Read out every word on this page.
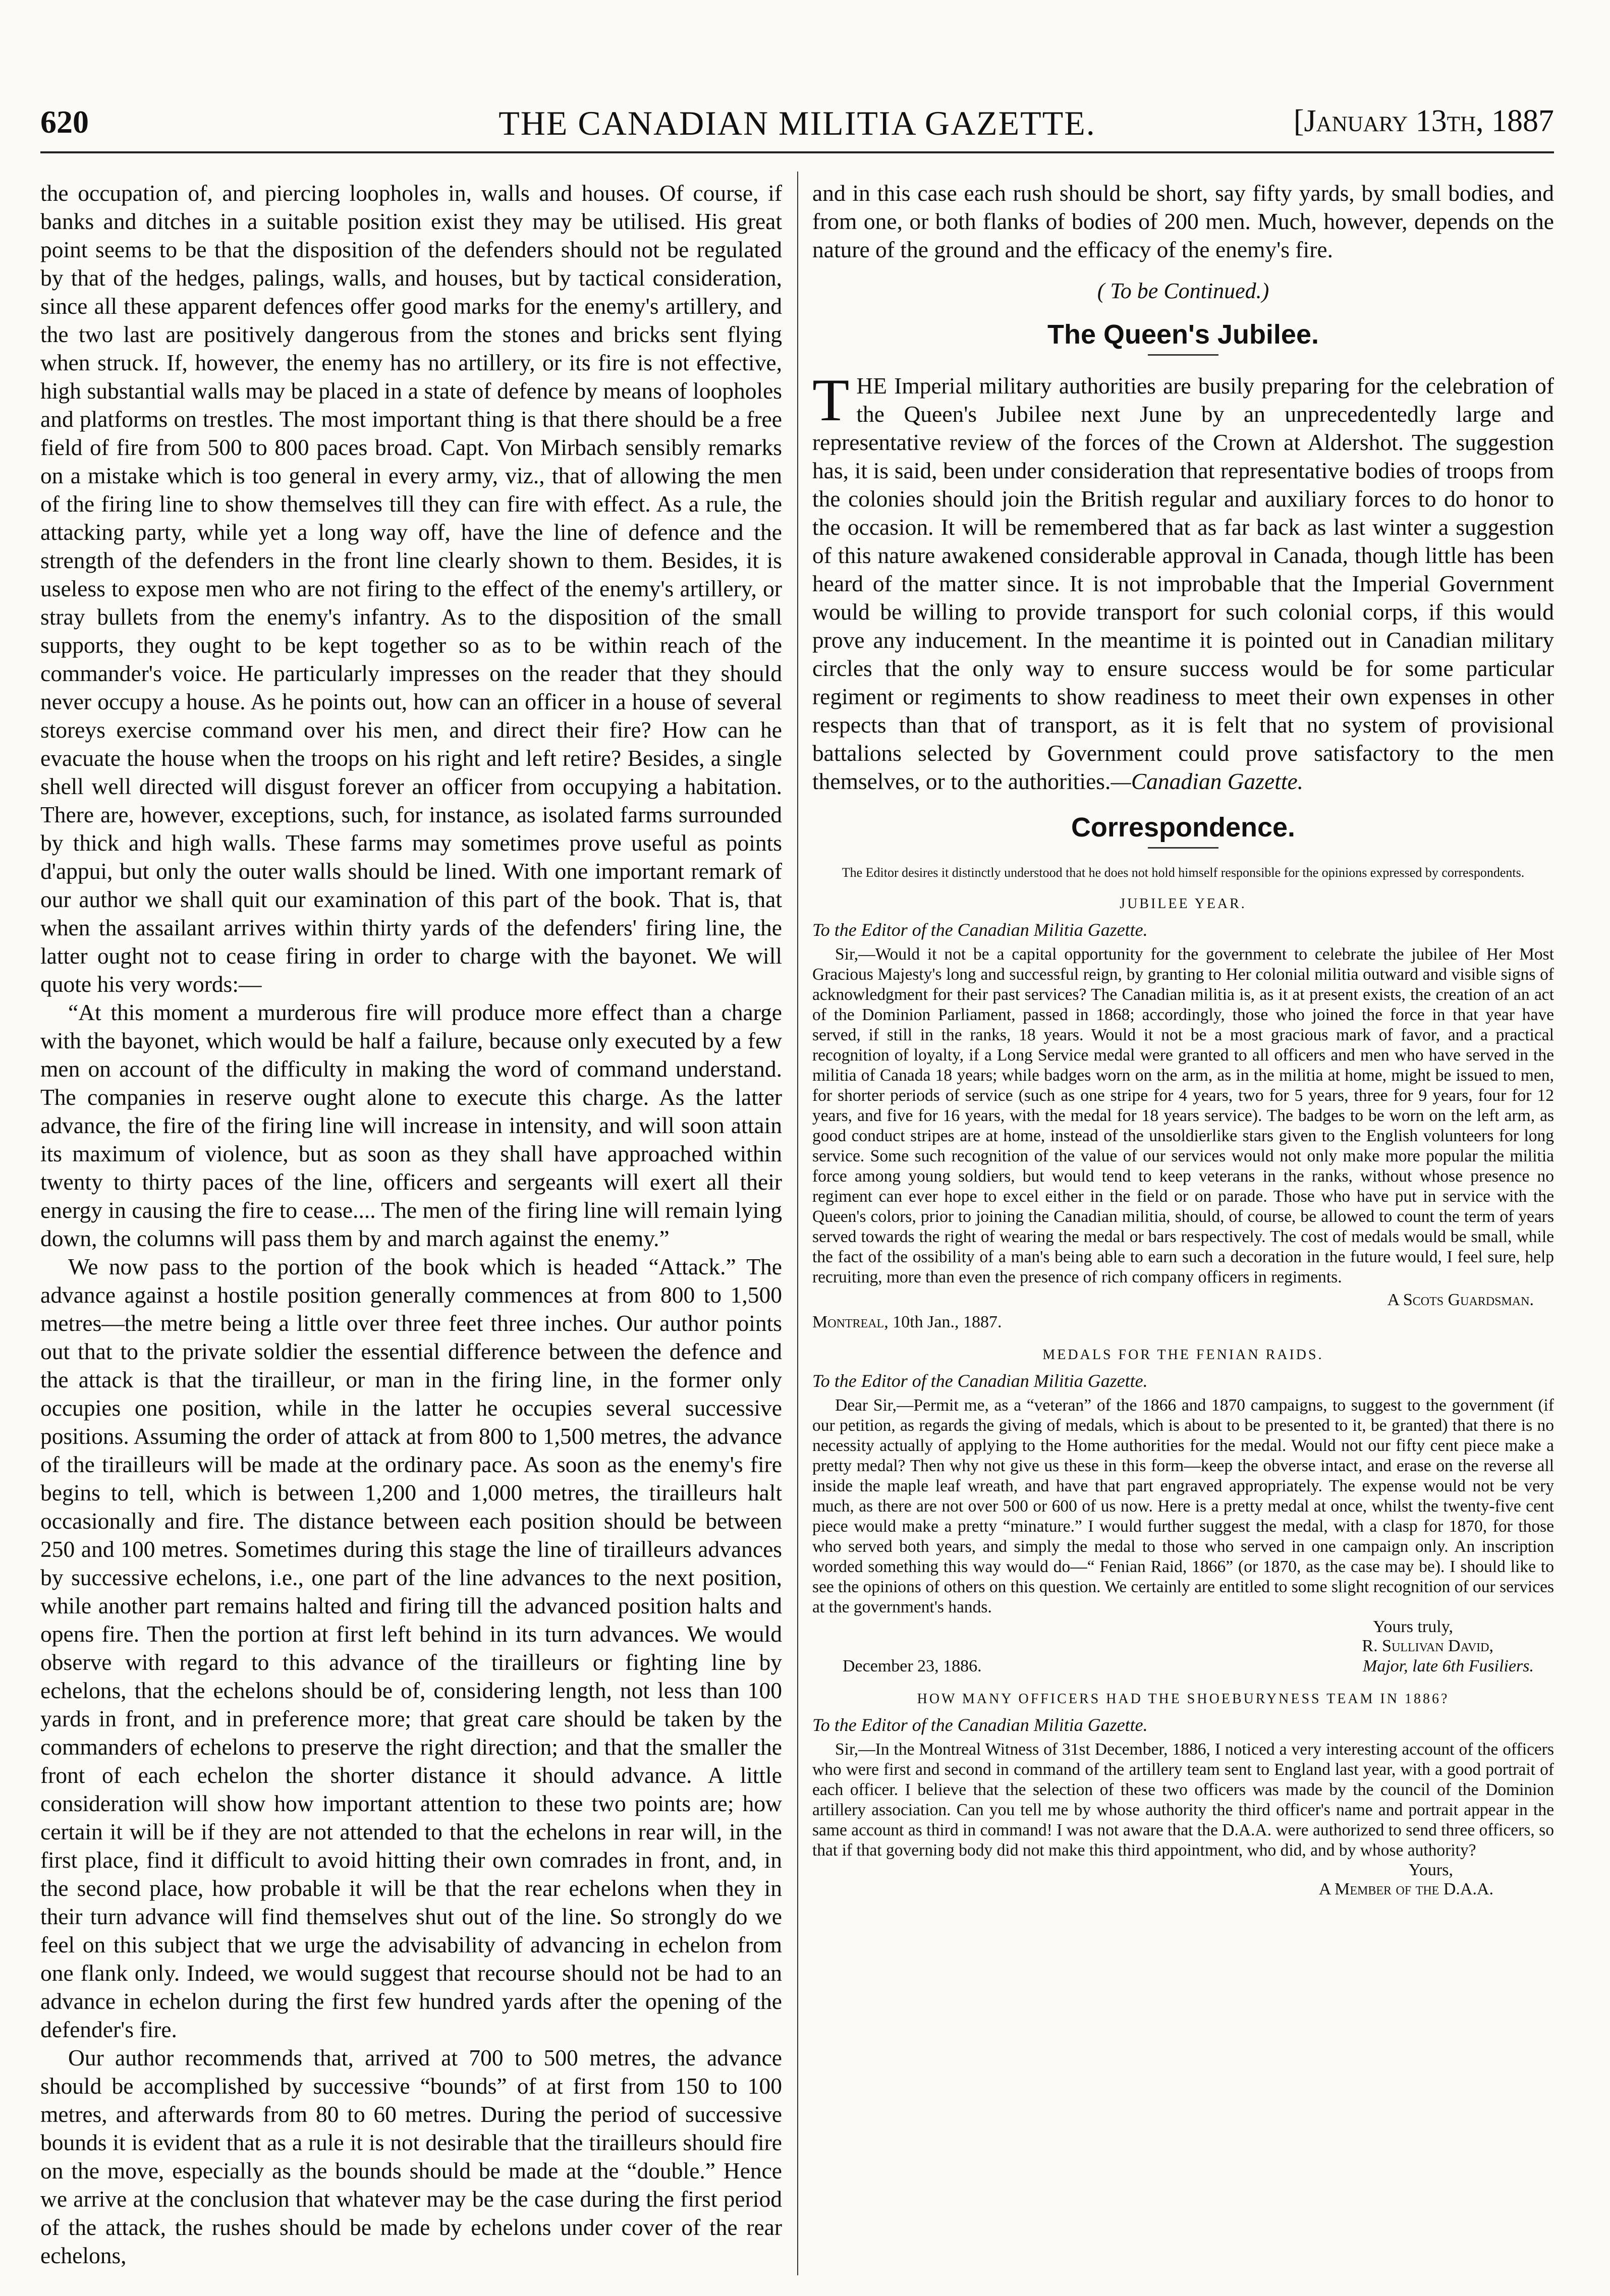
620	THE CANADIAN MILITIA GAZETTE.	[January 13th, 1887

the occupation of, and piercing loopholes in, walls and houses. Of course, if banks and ditches in a suitable position exist they may be utilised. His great point seems to be that the disposition of the defenders should not be regulated by that of the hedges, palings, walls, and houses, but by tactical consideration, since all these apparent defences offer good marks for the enemy's artillery, and the two last are positively dangerous from the stones and bricks sent flying when struck. If, however, the enemy has no artillery, or its fire is not effective, high substantial walls may be placed in a state of defence by means of loopholes and platforms on trestles. The most important thing is that there should be a free field of fire from 500 to 800 paces broad. Capt. Von Mirbach sensibly remarks on a mistake which is too general in every army, viz., that of allowing the men of the firing line to show themselves till they can fire with effect. As a rule, the attacking party, while yet a long way off, have the line of defence and the strength of the defenders in the front line clearly shown to them. Besides, it is useless to expose men who are not firing to the effect of the enemy's artillery, or stray bullets from the enemy's infantry. As to the disposition of the small supports, they ought to be kept together so as to be within reach of the commander's voice. He particularly impresses on the reader that they should never occupy a house. As he points out, how can an officer in a house of several storeys exercise command over his men, and direct their fire? How can he evacuate the house when the troops on his right and left retire? Besides, a single shell well directed will disgust forever an officer from occupying a habitation. There are, however, exceptions, such, for instance, as isolated farms surrounded by thick and high walls. These farms may sometimes prove useful as points d'appui, but only the outer walls should be lined. With one important remark of our author we shall quit our examination of this part of the book. That is, that when the assailant arrives within thirty yards of the defenders' firing line, the latter ought not to cease firing in order to charge with the bayonet. We will quote his very words:—

“At this moment a murderous fire will produce more effect than a charge with the bayonet, which would be half a failure, because only executed by a few men on account of the difficulty in making the word of command understand. The companies in reserve ought alone to execute this charge. As the latter advance, the fire of the firing line will increase in intensity, and will soon attain its maximum of violence, but as soon as they shall have approached within twenty to thirty paces of the line, officers and sergeants will exert all their energy in causing the fire to cease.... The men of the firing line will remain lying down, the columns will pass them by and march against the enemy.”

We now pass to the portion of the book which is headed “Attack.” The advance against a hostile position generally commences at from 800 to 1,500 metres—the metre being a little over three feet three inches. Our author points out that to the private soldier the essential difference between the defence and the attack is that the tirailleur, or man in the firing line, in the former only occupies one position, while in the latter he occupies several successive positions. Assuming the order of attack at from 800 to 1,500 metres, the advance of the tirailleurs will be made at the ordinary pace. As soon as the enemy's fire begins to tell, which is between 1,200 and 1,000 metres, the tirailleurs halt occasionally and fire. The distance between each position should be between 250 and 100 metres. Sometimes during this stage the line of tirailleurs advances by successive echelons, i.e., one part of the line advances to the next position, while another part remains halted and firing till the advanced position halts and opens fire. Then the portion at first left behind in its turn advances. We would observe with regard to this advance of the tirailleurs or fighting line by echelons, that the echelons should be of, considering length, not less than 100 yards in front, and in preference more; that great care should be taken by the commanders of echelons to preserve the right direction; and that the smaller the front of each echelon the shorter distance it should advance. A little consideration will show how important attention to these two points are; how certain it will be if they are not attended to that the echelons in rear will, in the first place, find it difficult to avoid hitting their own comrades in front, and, in the second place, how probable it will be that the rear echelons when they in their turn advance will find themselves shut out of the line. So strongly do we feel on this subject that we urge the advisability of advancing in echelon from one flank only. Indeed, we would suggest that recourse should not be had to an advance in echelon during the first few hundred yards after the opening of the defender's fire.

Our author recommends that, arrived at 700 to 500 metres, the advance should be accomplished by successive “bounds” of at first from 150 to 100 metres, and afterwards from 80 to 60 metres. During the period of successive bounds it is evident that as a rule it is not desirable that the tirailleurs should fire on the move, especially as the bounds should be made at the “double.” Hence we arrive at the conclusion that whatever may be the case during the first period of the attack, the rushes should be made by echelons under cover of the rear echelons,

and in this case each rush should be short, say fifty yards, by small bodies, and from one, or both flanks of bodies of 200 men. Much, however, depends on the nature of the ground and the efficacy of the enemy's fire.

( To be Continued.)
The Queen's Jubilee.

THE Imperial military authorities are busily preparing for the celebration of the Queen's Jubilee next June by an unprecedentedly large and representative review of the forces of the Crown at Aldershot. The suggestion has, it is said, been under consideration that representative bodies of troops from the colonies should join the British regular and auxiliary forces to do honor to the occasion. It will be remembered that as far back as last winter a suggestion of this nature awakened considerable approval in Canada, though little has been heard of the matter since. It is not improbable that the Imperial Government would be willing to provide transport for such colonial corps, if this would prove any inducement. In the meantime it is pointed out in Canadian military circles that the only way to ensure success would be for some particular regiment or regiments to show readiness to meet their own expenses in other respects than that of transport, as it is felt that no system of provisional battalions selected by Government could prove satisfactory to the men themselves, or to the authorities.—Canadian Gazette.

Correspondence.
The Editor desires it distinctly understood that he does not hold himself responsible for the opinions expressed by correspondents.
JUBILEE YEAR.
To the Editor of the Canadian Militia Gazette.

Sir,—Would it not be a capital opportunity for the government to celebrate the jubilee of Her Most Gracious Majesty's long and successful reign, by granting to Her colonial militia outward and visible signs of acknowledgment for their past services? The Canadian militia is, as it at present exists, the creation of an act of the Dominion Parliament, passed in 1868; accordingly, those who joined the force in that year have served, if still in the ranks, 18 years. Would it not be a most gracious mark of favor, and a practical recognition of loyalty, if a Long Service medal were granted to all officers and men who have served in the militia of Canada 18 years; while badges worn on the arm, as in the militia at home, might be issued to men, for shorter periods of service (such as one stripe for 4 years, two for 5 years, three for 9 years, four for 12 years, and five for 16 years, with the medal for 18 years service). The badges to be worn on the left arm, as good conduct stripes are at home, instead of the unsoldierlike stars given to the English volunteers for long service. Some such recognition of the value of our services would not only make more popular the militia force among young soldiers, but would tend to keep veterans in the ranks, without whose presence no regiment can ever hope to excel either in the field or on parade. Those who have put in service with the Queen's colors, prior to joining the Canadian militia, should, of course, be allowed to count the term of years served towards the right of wearing the medal or bars respectively. The cost of medals would be small, while the fact of the ossibility of a man's being able to earn such a decoration in the future would, I feel sure, help recruiting, more than even the presence of rich company officers in regiments.

A Scots Guardsman.
Montreal, 10th Jan., 1887.
MEDALS FOR THE FENIAN RAIDS.
To the Editor of the Canadian Militia Gazette.

Dear Sir,—Permit me, as a “veteran” of the 1866 and 1870 campaigns, to suggest to the government (if our petition, as regards the giving of medals, which is about to be presented to it, be granted) that there is no necessity actually of applying to the Home authorities for the medal. Would not our fifty cent piece make a pretty medal? Then why not give us these in this form—keep the obverse intact, and erase on the reverse all inside the maple leaf wreath, and have that part engraved appropriately. The expense would not be very much, as there are not over 500 or 600 of us now. Here is a pretty medal at once, whilst the twenty-five cent piece would make a pretty “minature.” I would further suggest the medal, with a clasp for 1870, for those who served both years, and simply the medal to those who served in one campaign only. An inscription worded something this way would do—“ Fenian Raid, 1866” (or 1870, as the case may be). I should like to see the opinions of others on this question. We certainly are entitled to some slight recognition of our services at the government's hands.

Yours truly,
R. Sullivan David,
December 23, 1886.	Major, late 6th Fusiliers.
HOW MANY OFFICERS HAD THE SHOEBURYNESS TEAM IN 1886?
To the Editor of the Canadian Militia Gazette.

Sir,—In the Montreal Witness of 31st December, 1886, I noticed a very interesting account of the officers who were first and second in command of the artillery team sent to England last year, with a good portrait of each officer. I believe that the selection of these two officers was made by the council of the Dominion artillery association. Can you tell me by whose authority the third officer's name and portrait appear in the same account as third in command! I was not aware that the D.A.A. were authorized to send three officers, so that if that governing body did not make this third appointment, who did, and by whose authority?

Yours,
A Member of the D.A.A.
